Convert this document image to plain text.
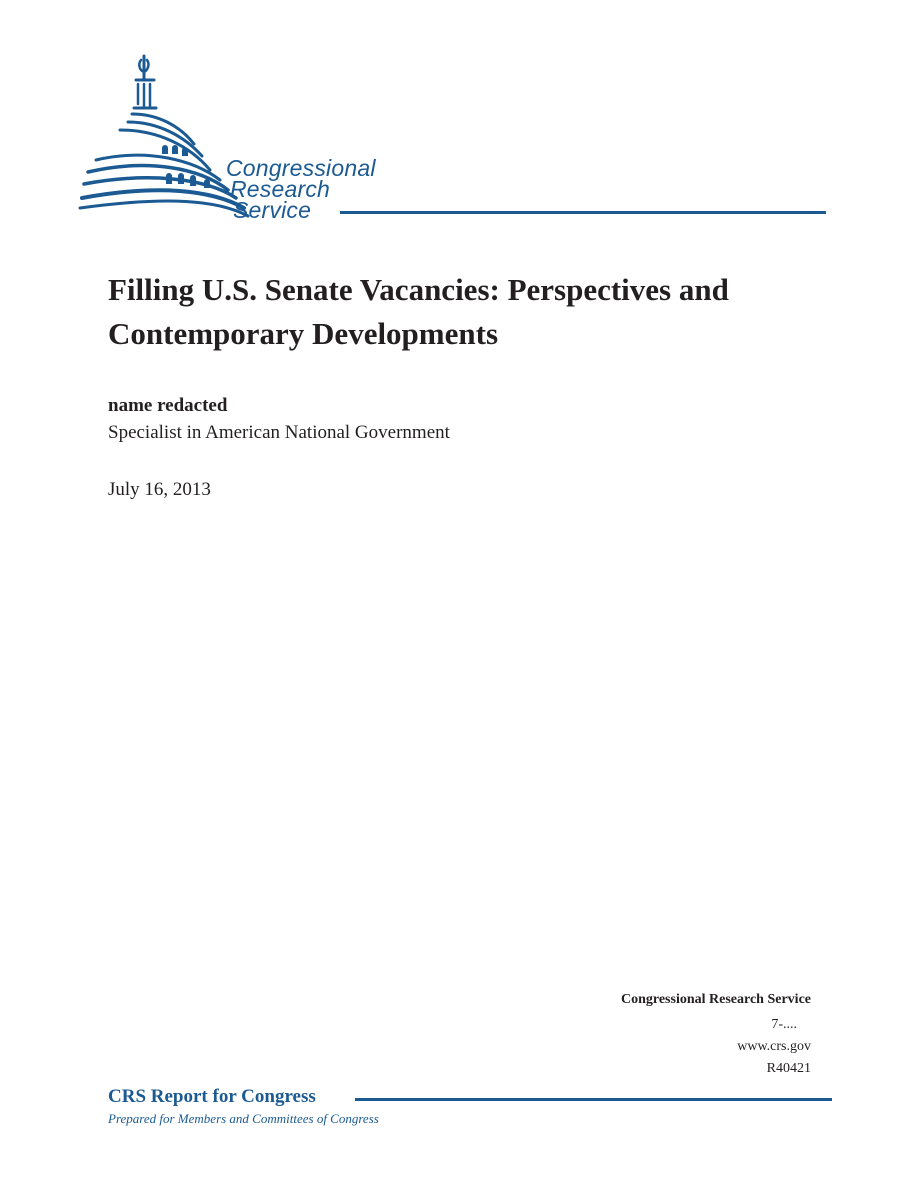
Congressional
Research
Service
Filling U.S. Senate Vacancies: Perspectives and Contemporary Developments
name redacted
Specialist in American National Government
July 16, 2013
Congressional Research Service
7-....
www.crs.gov
R40421
CRS Report for Congress
Prepared for Members and Committees of Congress
